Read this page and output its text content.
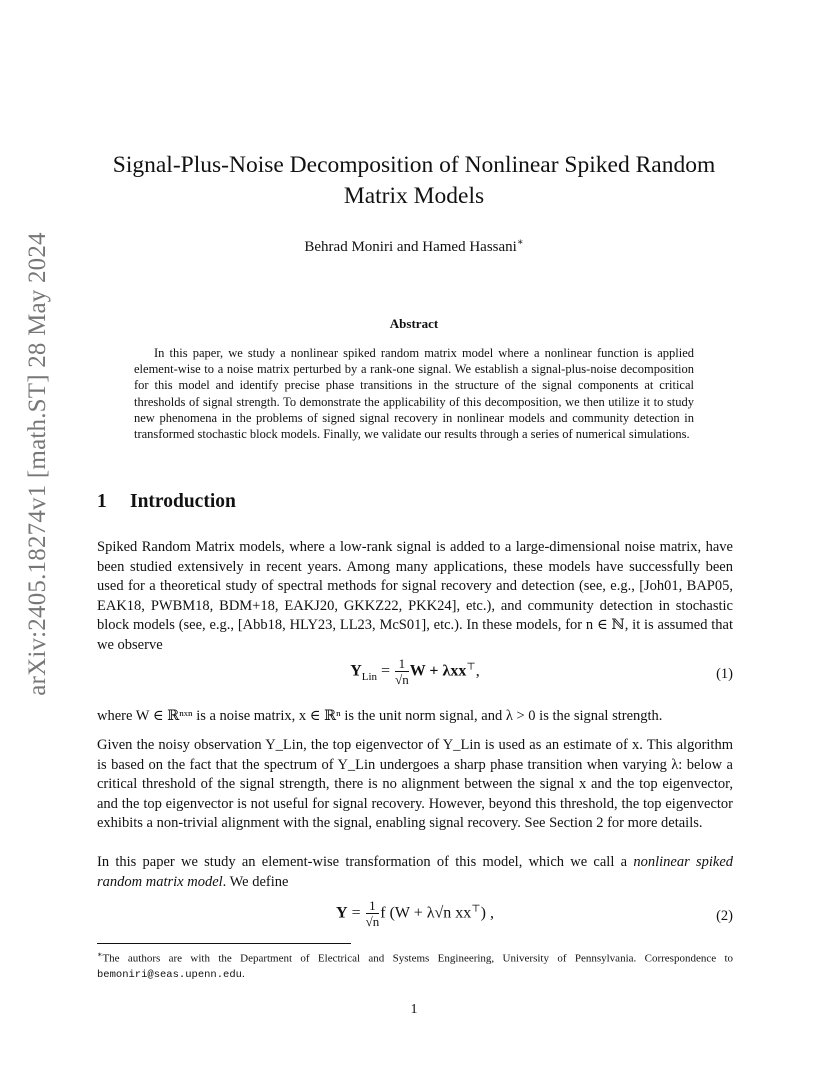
arXiv:2405.18274v1 [math.ST] 28 May 2024
Signal-Plus-Noise Decomposition of Nonlinear Spiked Random
Matrix Models
Behrad Moniri and Hamed Hassani∗
Abstract
In this paper, we study a nonlinear spiked random matrix model where a nonlinear function is applied element-wise to a noise matrix perturbed by a rank-one signal. We establish a signal-plus-noise decomposition for this model and identify precise phase transitions in the structure of the signal components at critical thresholds of signal strength. To demonstrate the applicability of this decomposition, we then utilize it to study new phenomena in the problems of signed signal recovery in nonlinear models and community detection in transformed stochastic block models. Finally, we validate our results through a series of numerical simulations.
1 Introduction
Spiked Random Matrix models, where a low-rank signal is added to a large-dimensional noise matrix, have been studied extensively in recent years. Among many applications, these models have successfully been used for a theoretical study of spectral methods for signal recovery and detection (see, e.g., [Joh01, BAP05, EAK18, PWBM18, BDM+18, EAKJ20, GKKZ22, PKK24], etc.), and community detection in stochastic block models (see, e.g., [Abb18, HLY23, LL23, McS01], etc.). In these models, for n ∈ ℕ, it is assumed that we observe
$Y_{Lin} = \frac{1}{√n}$ W + λxx⊤,	(1)
where W ∈ ℝⁿˣⁿ is a noise matrix, x ∈ ℝⁿ is the unit norm signal, and λ > 0 is the signal strength.
Given the noisy observation Y_Lin, the top eigenvector of Y_Lin is used as an estimate of x. This algorithm is based on the fact that the spectrum of Y_Lin undergoes a sharp phase transition when varying λ: below a critical threshold of the signal strength, there is no alignment between the signal x and the top eigenvector, and the top eigenvector is not useful for signal recovery. However, beyond this threshold, the top eigenvector exhibits a non-trivial alignment with the signal, enabling signal recovery. See Section 2 for more details.
In this paper we study an element-wise transformation of this model, which we call a nonlinear spiked random matrix model. We define
$Y = \frac{1}{√n}$ f (W + λ√n xx⊤) ,	(2)
∗The authors are with the Department of Electrical and Systems Engineering, University of Pennsylvania. Correspondence to bemoniri@seas.upenn.edu.
1
